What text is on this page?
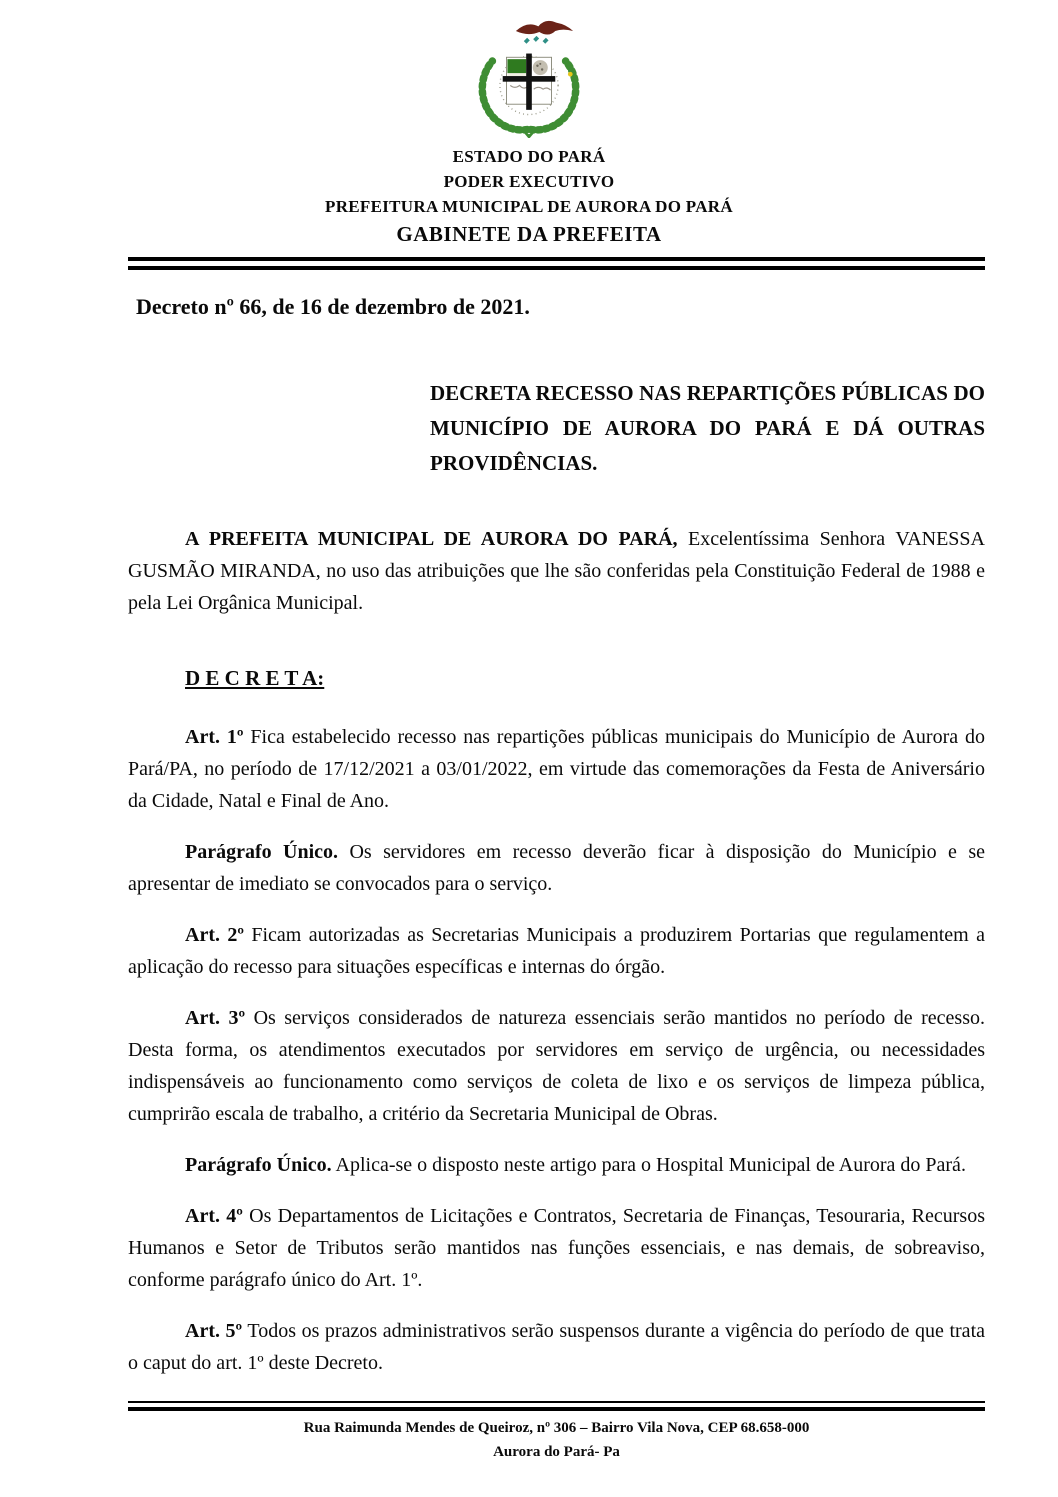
ESTADO DO PARÁ
PODER EXECUTIVO
PREFEITURA MUNICIPAL DE AURORA DO PARÁ
GABINETE DA PREFEITA
Decreto nº 66, de 16 de dezembro de 2021.

DECRETA RECESSO NAS REPARTIÇÕES PÚBLICAS DO MUNICÍPIO DE AURORA DO PARÁ E DÁ OUTRAS PROVIDÊNCIAS.

A PREFEITA MUNICIPAL DE AURORA DO PARÁ, Excelentíssima Senhora VANESSA GUSMÃO MIRANDA, no uso das atribuições que lhe são conferidas pela Constituição Federal de 1988 e pela Lei Orgânica Municipal.

D E C R E T A:

Art. 1º Fica estabelecido recesso nas repartições públicas municipais do Município de Aurora do Pará/PA, no período de 17/12/2021 a 03/01/2022, em virtude das comemorações da Festa de Aniversário da Cidade, Natal e Final de Ano.

Parágrafo Único. Os servidores em recesso deverão ficar à disposição do Município e se apresentar de imediato se convocados para o serviço.

Art. 2º Ficam autorizadas as Secretarias Municipais a produzirem Portarias que regulamentem a aplicação do recesso para situações específicas e internas do órgão.

Art. 3º Os serviços considerados de natureza essenciais serão mantidos no período de recesso. Desta forma, os atendimentos executados por servidores em serviço de urgência, ou necessidades indispensáveis ao funcionamento como serviços de coleta de lixo e os serviços de limpeza pública, cumprirão escala de trabalho, a critério da Secretaria Municipal de Obras.

Parágrafo Único. Aplica-se o disposto neste artigo para o Hospital Municipal de Aurora do Pará.

Art. 4º Os Departamentos de Licitações e Contratos, Secretaria de Finanças, Tesouraria, Recursos Humanos e Setor de Tributos serão mantidos nas funções essenciais, e nas demais, de sobreaviso, conforme parágrafo único do Art. 1º.

Art. 5º Todos os prazos administrativos serão suspensos durante a vigência do período de que trata o caput do art. 1º deste Decreto.

Rua Raimunda Mendes de Queiroz, nº 306 – Bairro Vila Nova, CEP 68.658-000
Aurora do Pará- Pa
